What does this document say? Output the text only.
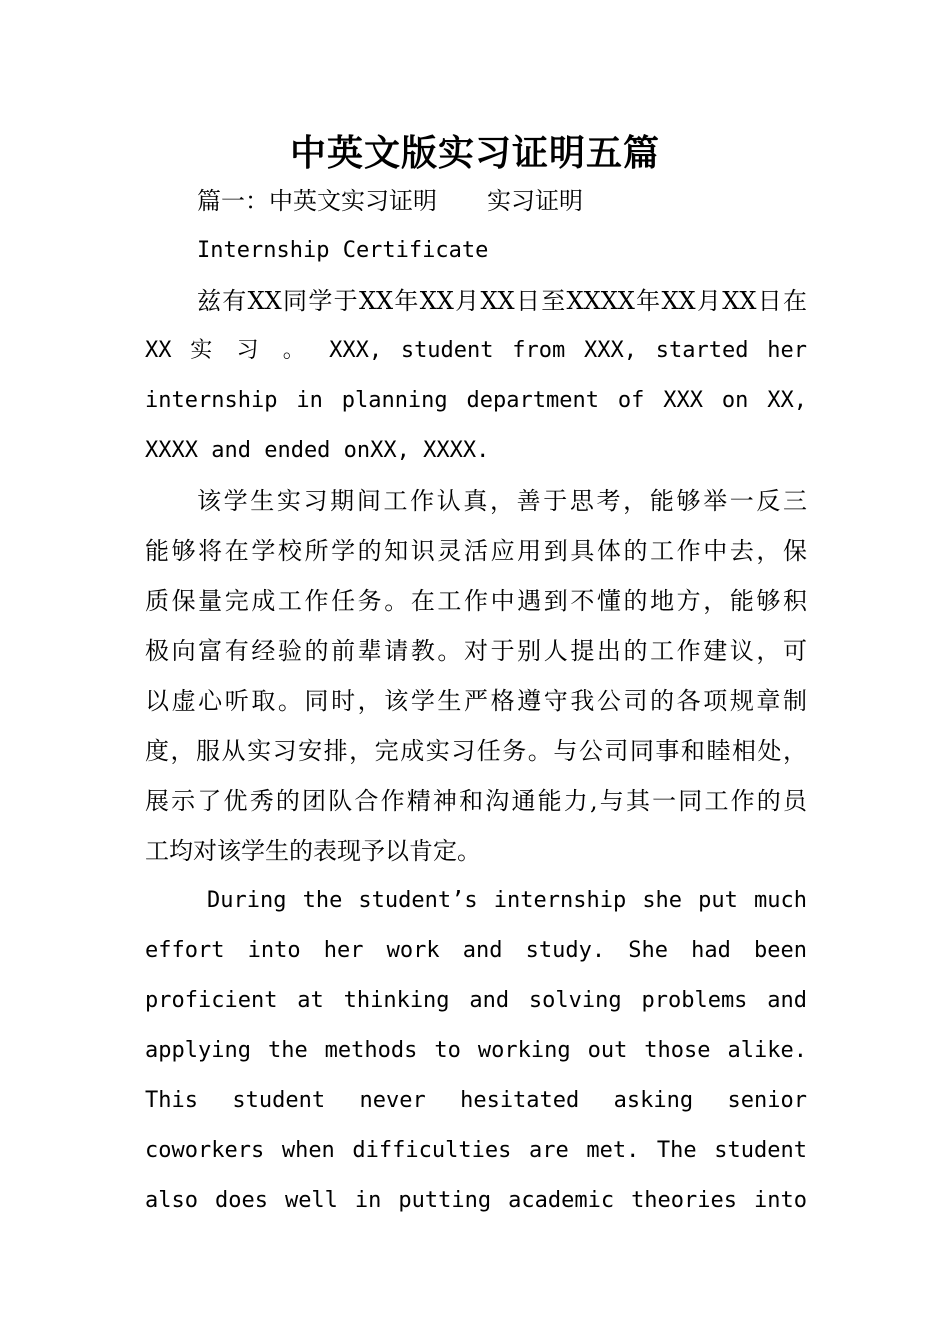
中英文版实习证明五篇
篇一：中英文实习证明 实习证明
Internship Certificate
兹有XX同学于XX年XX月XX日至XXXX年XX月XX日在
XX 实 习 。 XXX, student from XXX, started her
internship in planning department of XXX on XX,
XXXX and ended onXX, XXXX.
该学生实习期间工作认真，善于思考，能够举一反三
能够将在学校所学的知识灵活应用到具体的工作中去，保
质保量完成工作任务。在工作中遇到不懂的地方，能够积
极向富有经验的前辈请教。对于别人提出的工作建议，可
以虚心听取。同时，该学生严格遵守我公司的各项规章制
度，服从实习安排，完成实习任务。与公司同事和睦相处，
展示了优秀的团队合作精神和沟通能力,与其一同工作的员
工均对该学生的表现予以肯定。
During the student’s internship she put much
effort into her work and study. She had been
proficient at thinking and solving problems and
applying the methods to working out those alike.
This student never hesitated asking senior
coworkers when difficulties are met. The student
also does well in putting academic theories into
